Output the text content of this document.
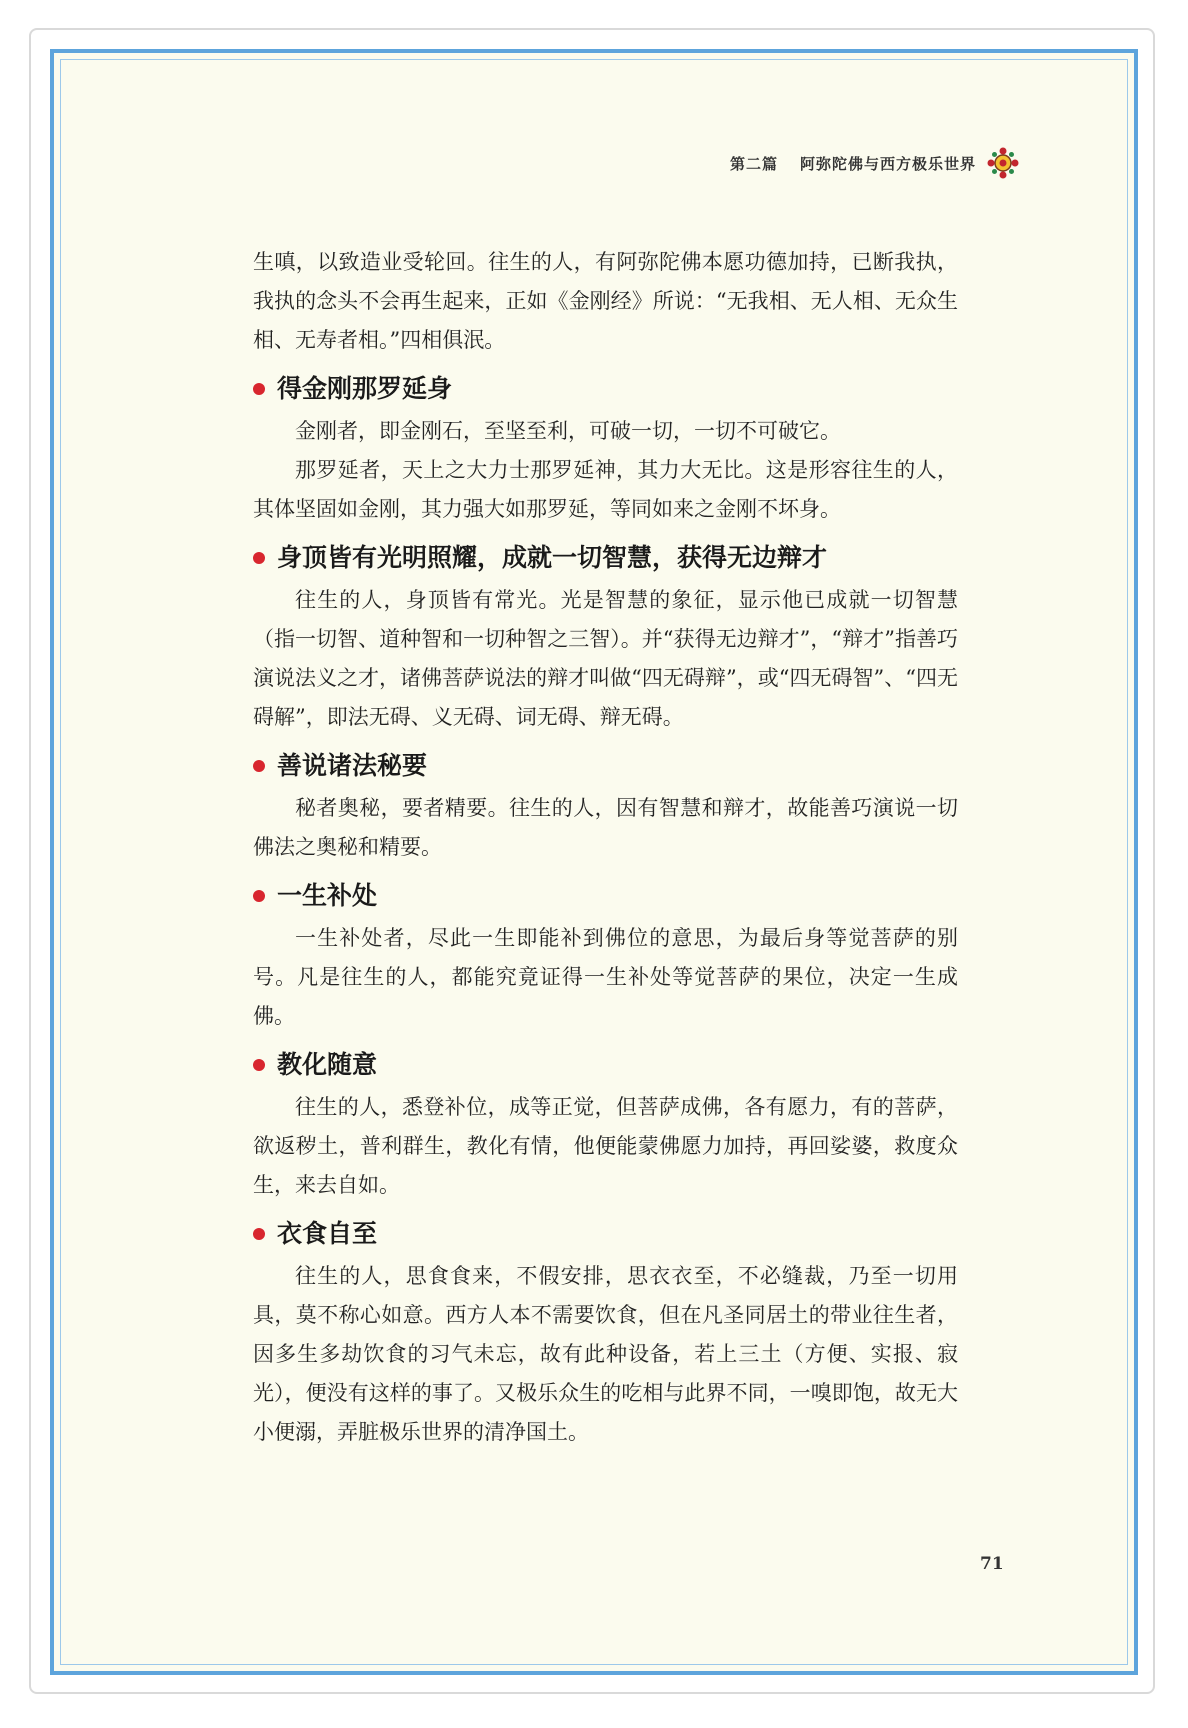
第二篇 阿弥陀佛与西方极乐世界

生嗔，以致造业受轮回。往生的人，有阿弥陀佛本愿功德加持，已断我执，我执的念头不会再生起来，正如《金刚经》所说：“无我相、无人相、无众生相、无寿者相。”四相俱泯。

得金刚那罗延身

金刚者，即金刚石，至坚至利，可破一切，一切不可破它。

那罗延者，天上之大力士那罗延神，其力大无比。这是形容往生的人，其体坚固如金刚，其力强大如那罗延，等同如来之金刚不坏身。

身顶皆有光明照耀，成就一切智慧，获得无边辩才

往生的人，身顶皆有常光。光是智慧的象征，显示他已成就一切智慧（指一切智、道种智和一切种智之三智）。并“获得无边辩才”，“辩才”指善巧演说法义之才，诸佛菩萨说法的辩才叫做“四无碍辩”，或“四无碍智”、“四无碍解”，即法无碍、义无碍、词无碍、辩无碍。

善说诸法秘要

秘者奥秘，要者精要。往生的人，因有智慧和辩才，故能善巧演说一切佛法之奥秘和精要。

一生补处

一生补处者，尽此一生即能补到佛位的意思，为最后身等觉菩萨的别号。凡是往生的人，都能究竟证得一生补处等觉菩萨的果位，决定一生成佛。

教化随意

往生的人，悉登补位，成等正觉，但菩萨成佛，各有愿力，有的菩萨，欲返秽土，普利群生，教化有情，他便能蒙佛愿力加持，再回娑婆，救度众生，来去自如。

衣食自至

往生的人，思食食来，不假安排，思衣衣至，不必缝裁，乃至一切用具，莫不称心如意。西方人本不需要饮食，但在凡圣同居土的带业往生者，因多生多劫饮食的习气未忘，故有此种设备，若上三土（方便、实报、寂光），便没有这样的事了。又极乐众生的吃相与此界不同，一嗅即饱，故无大小便溺，弄脏极乐世界的清净国土。

71
